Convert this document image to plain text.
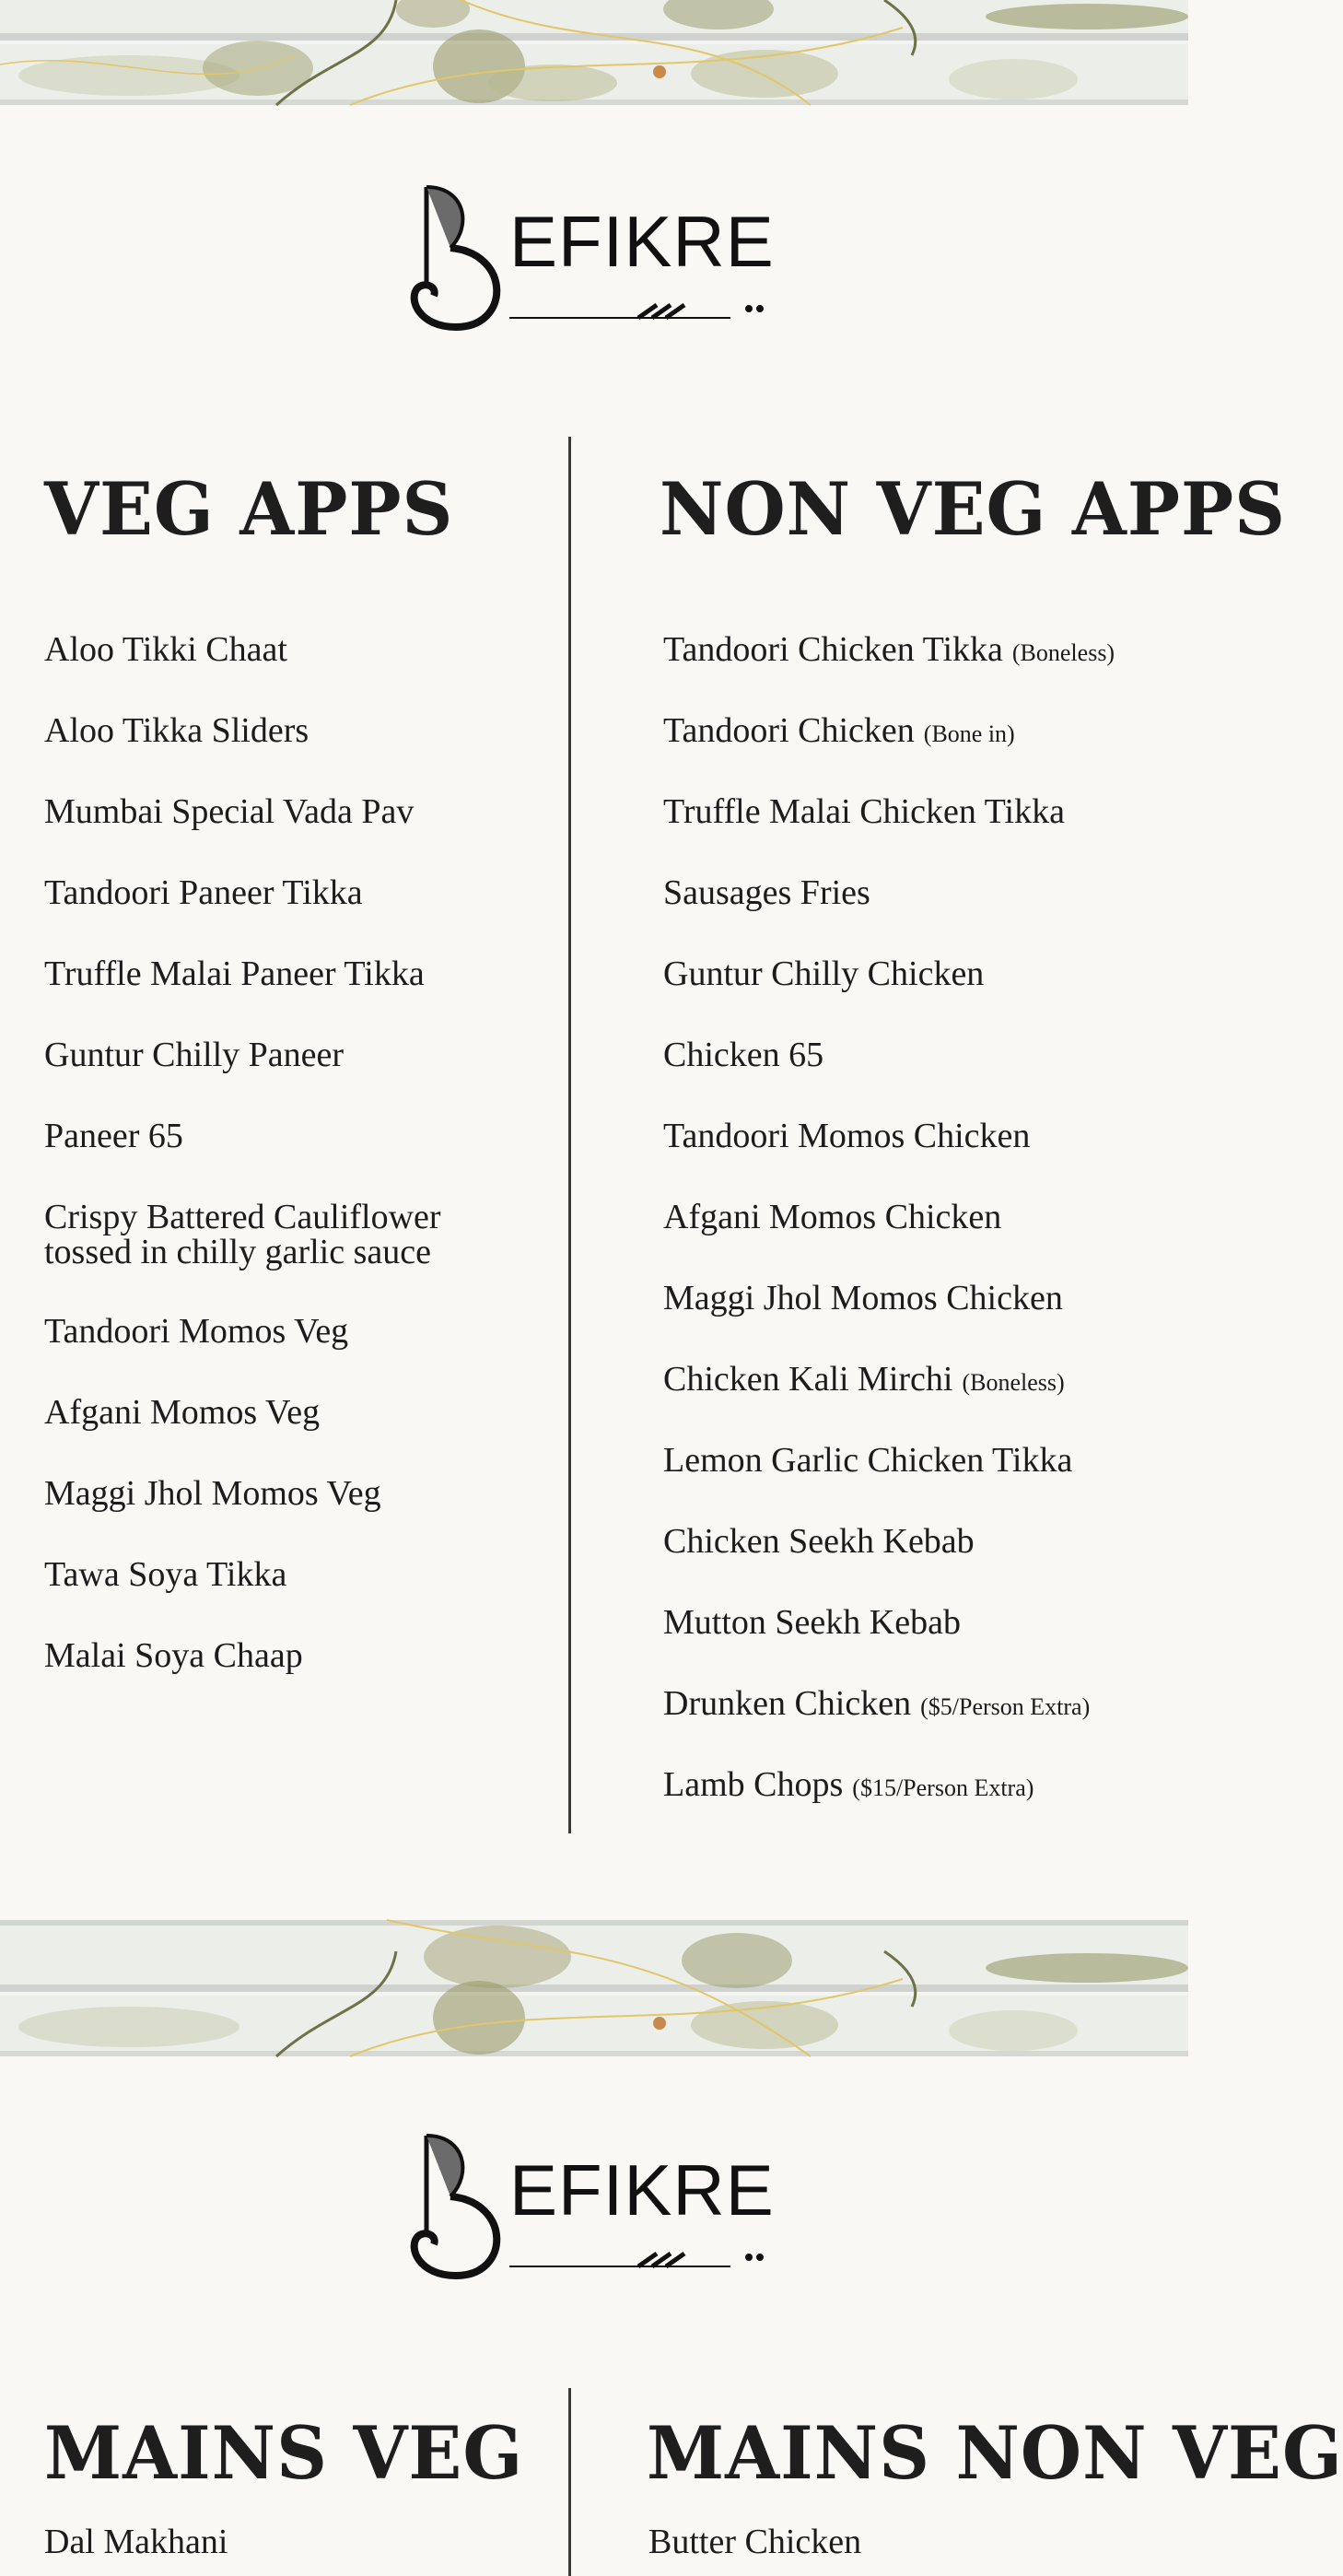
EFIKRE
VEG APPS	NON VEG APPS
Aloo Tikki Chaat
Aloo Tikka Sliders
Mumbai Special Vada Pav
Tandoori Paneer Tikka
Truffle Malai Paneer Tikka
Guntur Chilly Paneer
Paneer 65
Crispy Battered Cauliflower
tossed in chilly garlic sauce
Tandoori Momos Veg
Afgani Momos Veg
Maggi Jhol Momos Veg
Tawa Soya Tikka
Malai Soya Chaap
Tandoori Chicken Tikka (Boneless)
Tandoori Chicken (Bone in)
Truffle Malai Chicken Tikka
Sausages Fries
Guntur Chilly Chicken
Chicken 65
Tandoori Momos Chicken
Afgani Momos Chicken
Maggi Jhol Momos Chicken
Chicken Kali Mirchi (Boneless)
Lemon Garlic Chicken Tikka
Chicken Seekh Kebab
Mutton Seekh Kebab
Drunken Chicken ($5/Person Extra)
Lamb Chops ($15/Person Extra)
EFIKRE
MAINS VEG MAINS NON VEG
Dal Makhani	Butter Chicken
